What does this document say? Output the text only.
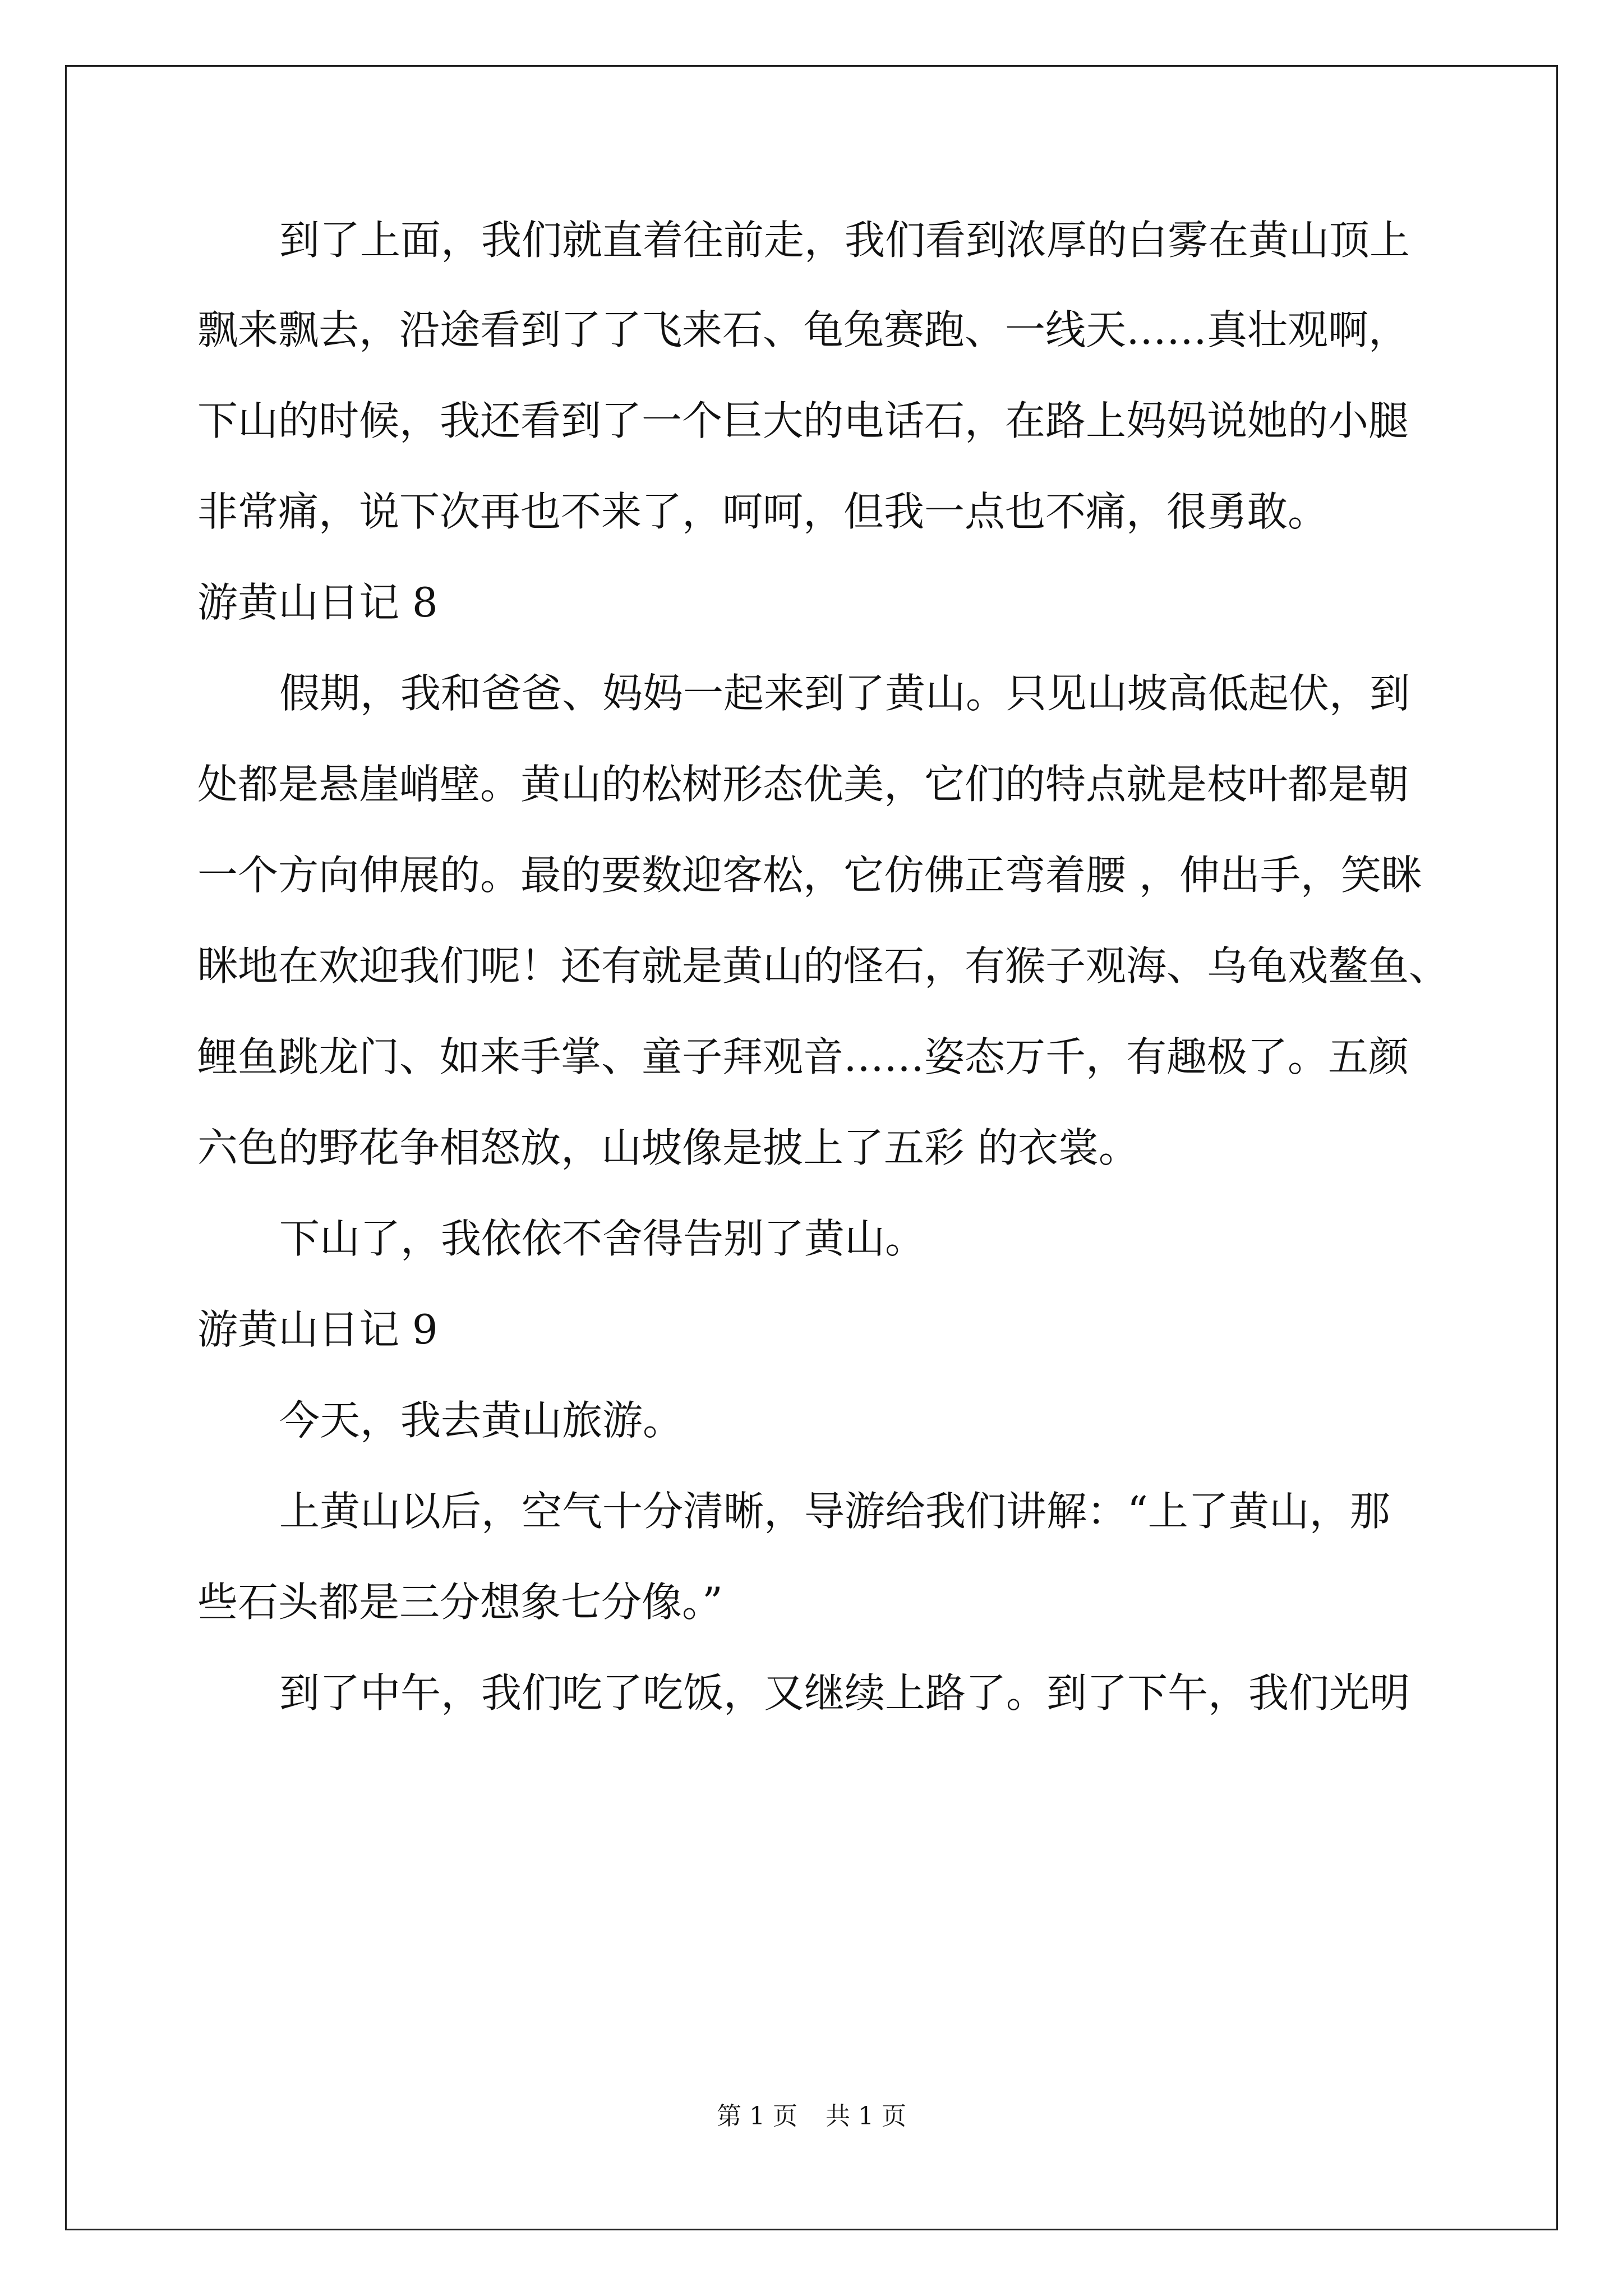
到了上面，我们就直着往前走，我们看到浓厚的白雾在黄山顶上
飘来飘去，沿途看到了了飞来石、龟兔赛跑、一线天……真壮观啊，
下山的时候，我还看到了一个巨大的电话石，在路上妈妈说她的小腿
非常痛，说下次再也不来了，呵呵，但我一点也不痛，很勇敢。
游黄山日记 8
假期，我和爸爸、妈妈一起来到了黄山。只见山坡高低起伏，到
处都是悬崖峭壁。黄山的松树形态优美，它们的特点就是枝叶都是朝
一个方向伸展的。最的要数迎客松，它仿佛正弯着腰 ，伸出手，笑眯
眯地在欢迎我们呢！还有就是黄山的怪石，有猴子观海、乌龟戏鳌鱼、
鲤鱼跳龙门、如来手掌、童子拜观音……姿态万千，有趣极了。五颜
六色的野花争相怒放，山坡像是披上了五彩 的衣裳。
下山了，我依依不舍得告别了黄山。
游黄山日记 9
今天，我去黄山旅游。
上黄山以后，空气十分清晰，导游给我们讲解：“上了黄山，那
些石头都是三分想象七分像。”
到了中午，我们吃了吃饭，又继续上路了。到了下午，我们光明
第 1 页 共 1 页
